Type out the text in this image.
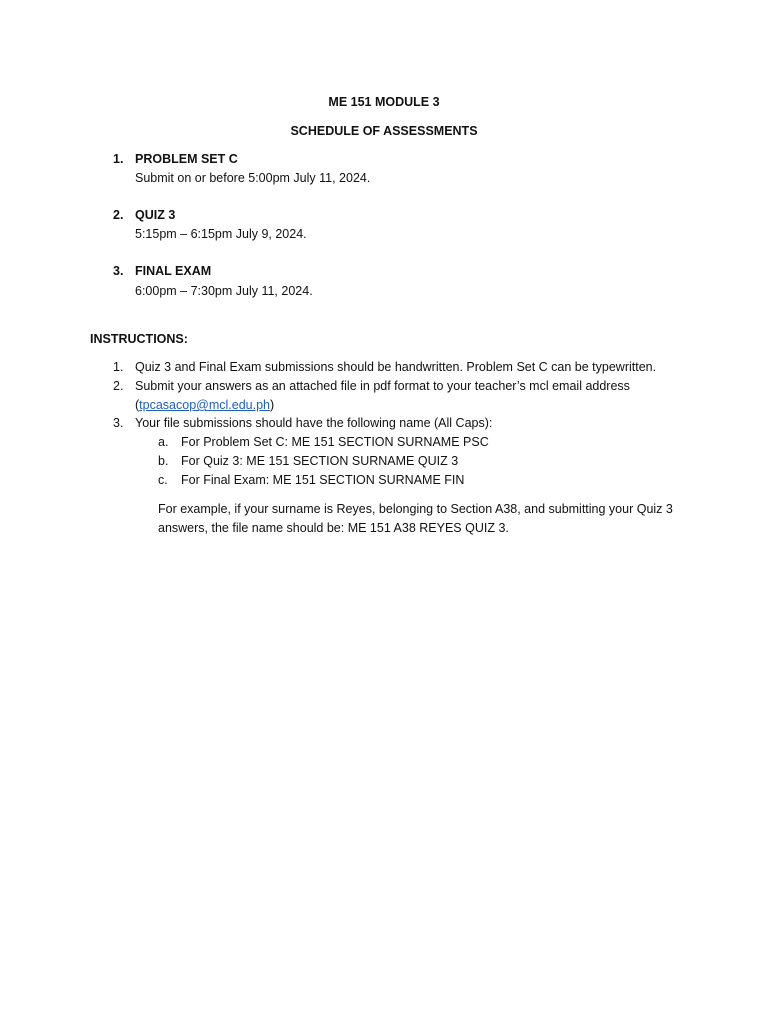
ME 151 MODULE 3
SCHEDULE OF ASSESSMENTS
1. PROBLEM SET C
Submit on or before 5:00pm July 11, 2024.
2. QUIZ 3
5:15pm – 6:15pm July 9, 2024.
3. FINAL EXAM
6:00pm – 7:30pm July 11, 2024.
INSTRUCTIONS:
1. Quiz 3 and Final Exam submissions should be handwritten. Problem Set C can be typewritten.
2. Submit your answers as an attached file in pdf format to your teacher’s mcl email address
(tpcasacop@mcl.edu.ph)
3. Your file submissions should have the following name (All Caps):
a. For Problem Set C: ME 151 SECTION SURNAME PSC
b. For Quiz 3: ME 151 SECTION SURNAME QUIZ 3
c. For Final Exam: ME 151 SECTION SURNAME FIN
For example, if your surname is Reyes, belonging to Section A38, and submitting your Quiz 3
answers, the file name should be: ME 151 A38 REYES QUIZ 3.
